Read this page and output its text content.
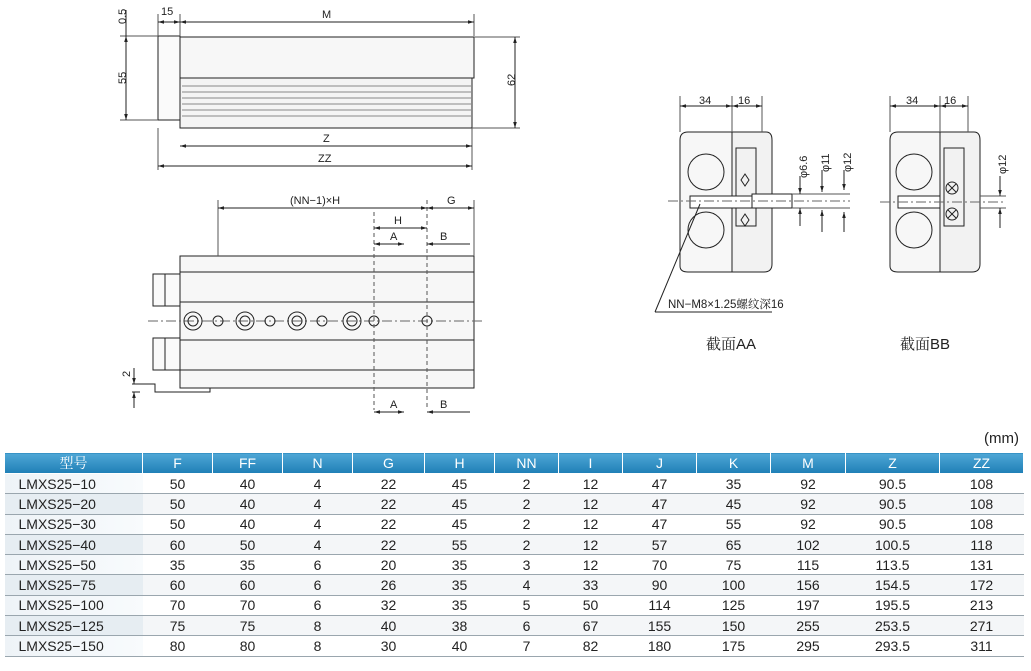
0.5	15	M
55	62
Z
ZZ
(NN−1)×H	G
H
A	B
A	B
2
34 16
φ6.6 φ11 φ12
NN−M8×1.25螺纹深16
截面AA
34 16
φ12
截面BB
(mm)
型号	F	FF	N	G	H	NN	I	J	K	M	Z	ZZ
LMXS25−10	50	40	4	22	45	2	12	47	35	92	90.5	108
LMXS25−20	50	40	4	22	45	2	12	47	45	92	90.5	108
LMXS25−30	50	40	4	22	45	2	12	47	55	92	90.5	108
LMXS25−40	60	50	4	22	55	2	12	57	65	102	100.5	118
LMXS25−50	35	35	6	20	35	3	12	70	75	115	113.5	131
LMXS25−75	60	60	6	26	35	4	33	90	100	156	154.5	172
LMXS25−100	70	70	6	32	35	5	50	114	125	197	195.5	213
LMXS25−125	75	75	8	40	38	6	67	155	150	255	253.5	271
LMXS25−150	80	80	8	30	40	7	82	180	175	295	293.5	311
